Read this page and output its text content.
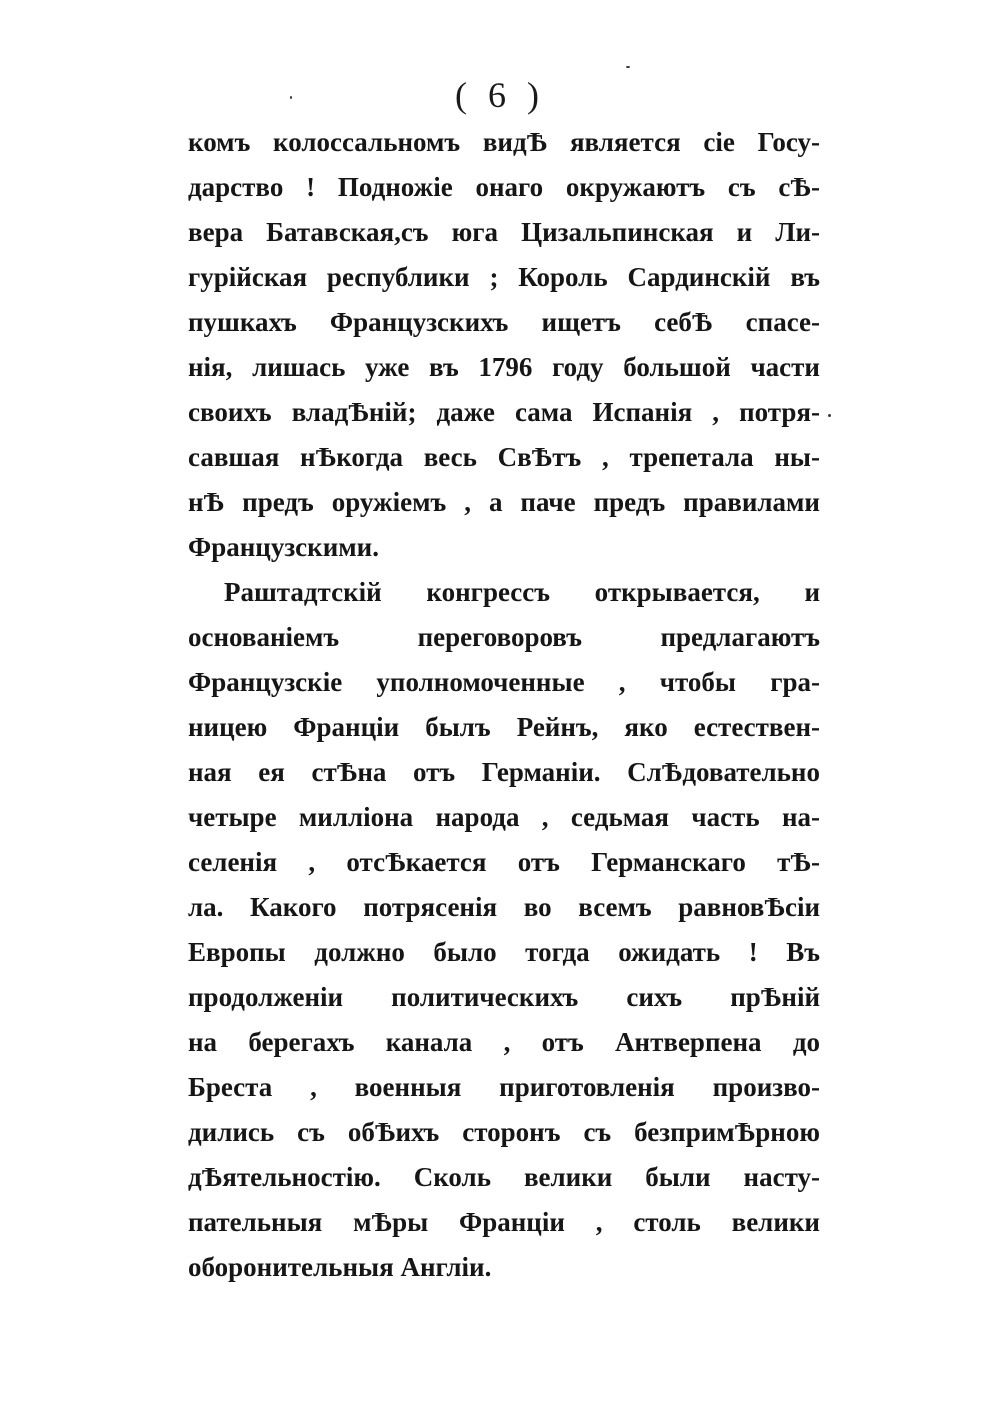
( 6 )
комъ колоссальномъ видѢ является сіе Госу-
дарство ! Подножіе онаго окружаютъ съ сѢ-
вера Батавская,съ юга Цизальпинская и Ли-
гурійская республики ; Король Сардинскій въ
пушкахъ Французскихъ ищетъ себѢ спасе-
нія, лишась уже въ 1796 году большой части
своихъ владѢній; даже сама Испанія , потря-
савшая нѢкогда весь СвѢтъ , трепетала ны-
нѢ предъ оружіемъ , а паче предъ правилами
Французскими.
Раштадтскій конгрессъ открывается, и
основаніемъ переговоровъ предлагаютъ
Французскіе уполномоченные , чтобы гра-
ницею Франціи былъ Рейнъ, яко естествен-
ная ея стѢна отъ Германіи. СлѢдовательно
четыре милліона народа , седьмая часть на-
селенія , отсѢкается отъ Германскаго тѢ-
ла. Какого потрясенія во всемъ равновѢсіи
Европы должно было тогда ожидать ! Въ
продолженіи политическихъ сихъ прѢній
на берегахъ канала , отъ Антверпена до
Бреста , военныя приготовленія произво-
дились съ обѢихъ сторонъ съ безпримѢрною
дѢятельностію. Сколь велики были насту-
пательныя мѢры Франціи , столь велики
оборонительныя Англіи.
